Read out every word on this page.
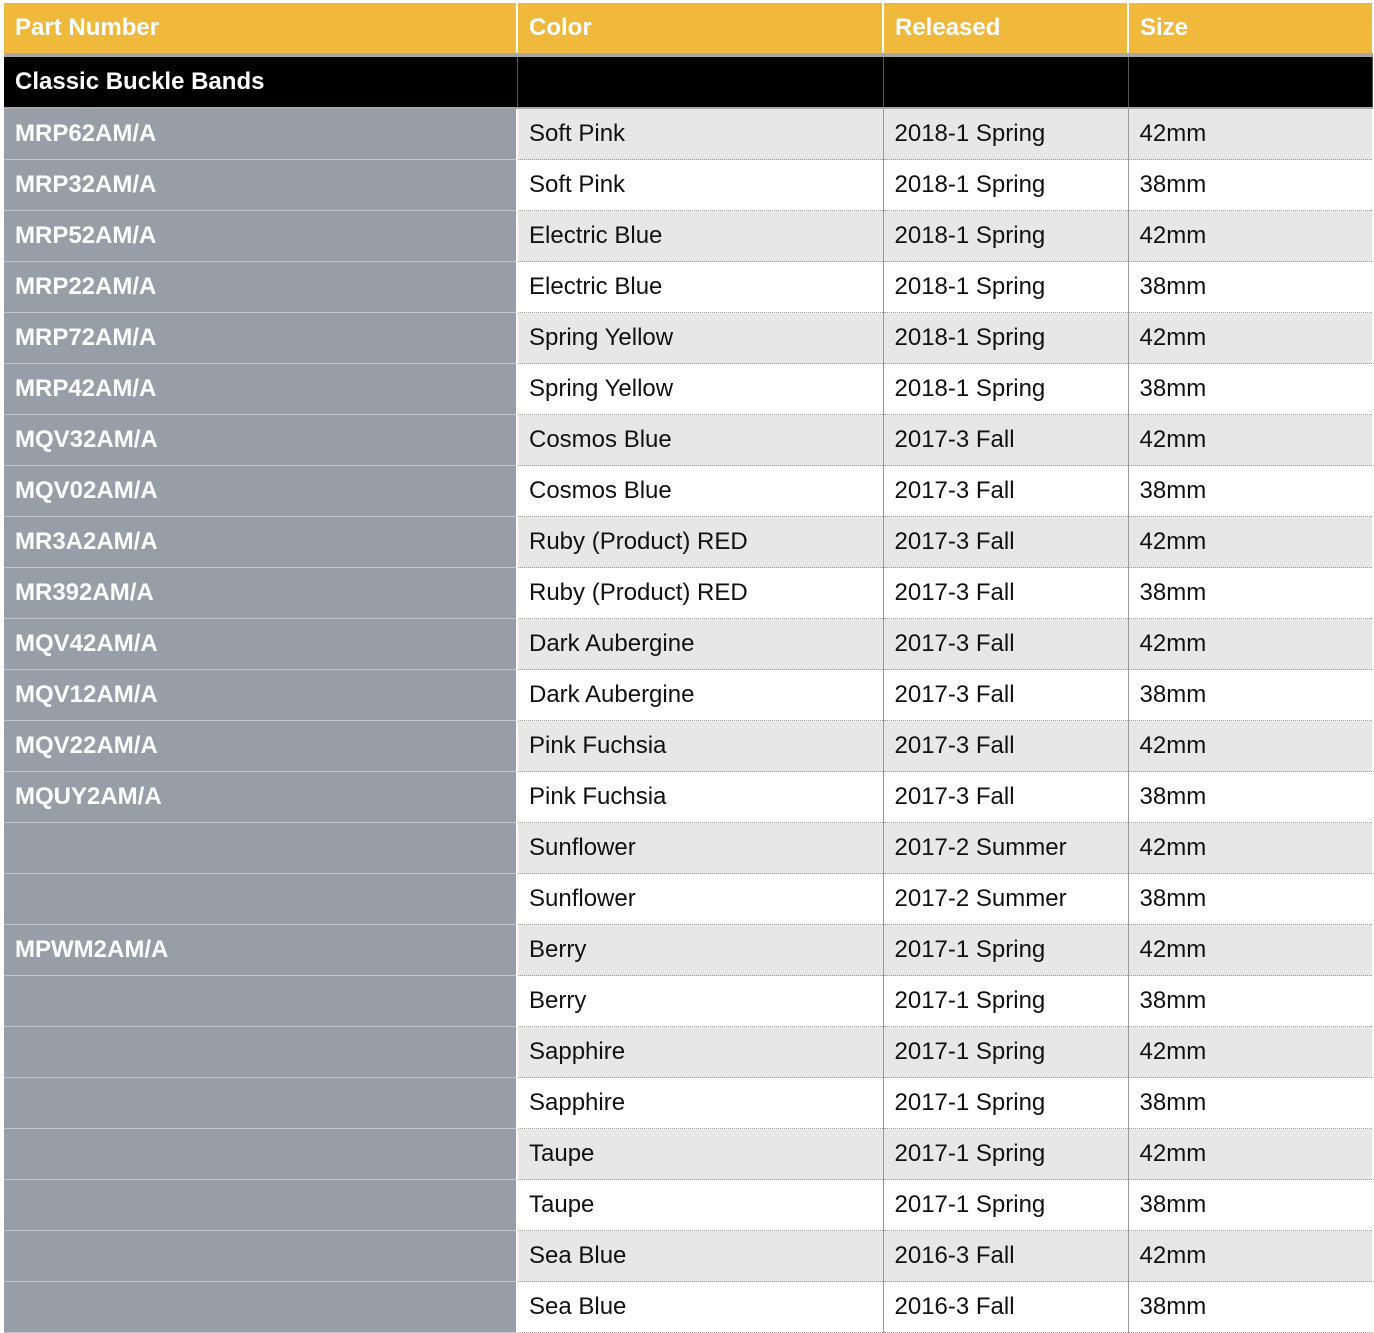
Part Number	Color	Released	Size
Classic Buckle Bands			
MRP62AM/A	Soft Pink	2018-1 Spring	42mm
MRP32AM/A	Soft Pink	2018-1 Spring	38mm
MRP52AM/A	Electric Blue	2018-1 Spring	42mm
MRP22AM/A	Electric Blue	2018-1 Spring	38mm
MRP72AM/A	Spring Yellow	2018-1 Spring	42mm
MRP42AM/A	Spring Yellow	2018-1 Spring	38mm
MQV32AM/A	Cosmos Blue	2017-3 Fall	42mm
MQV02AM/A	Cosmos Blue	2017-3 Fall	38mm
MR3A2AM/A	Ruby (Product) RED	2017-3 Fall	42mm
MR392AM/A	Ruby (Product) RED	2017-3 Fall	38mm
MQV42AM/A	Dark Aubergine	2017-3 Fall	42mm
MQV12AM/A	Dark Aubergine	2017-3 Fall	38mm
MQV22AM/A	Pink Fuchsia	2017-3 Fall	42mm
MQUY2AM/A	Pink Fuchsia	2017-3 Fall	38mm
	Sunflower	2017-2 Summer	42mm
	Sunflower	2017-2 Summer	38mm
MPWM2AM/A	Berry	2017-1 Spring	42mm
	Berry	2017-1 Spring	38mm
	Sapphire	2017-1 Spring	42mm
	Sapphire	2017-1 Spring	38mm
	Taupe	2017-1 Spring	42mm
	Taupe	2017-1 Spring	38mm
	Sea Blue	2016-3 Fall	42mm
	Sea Blue	2016-3 Fall	38mm
